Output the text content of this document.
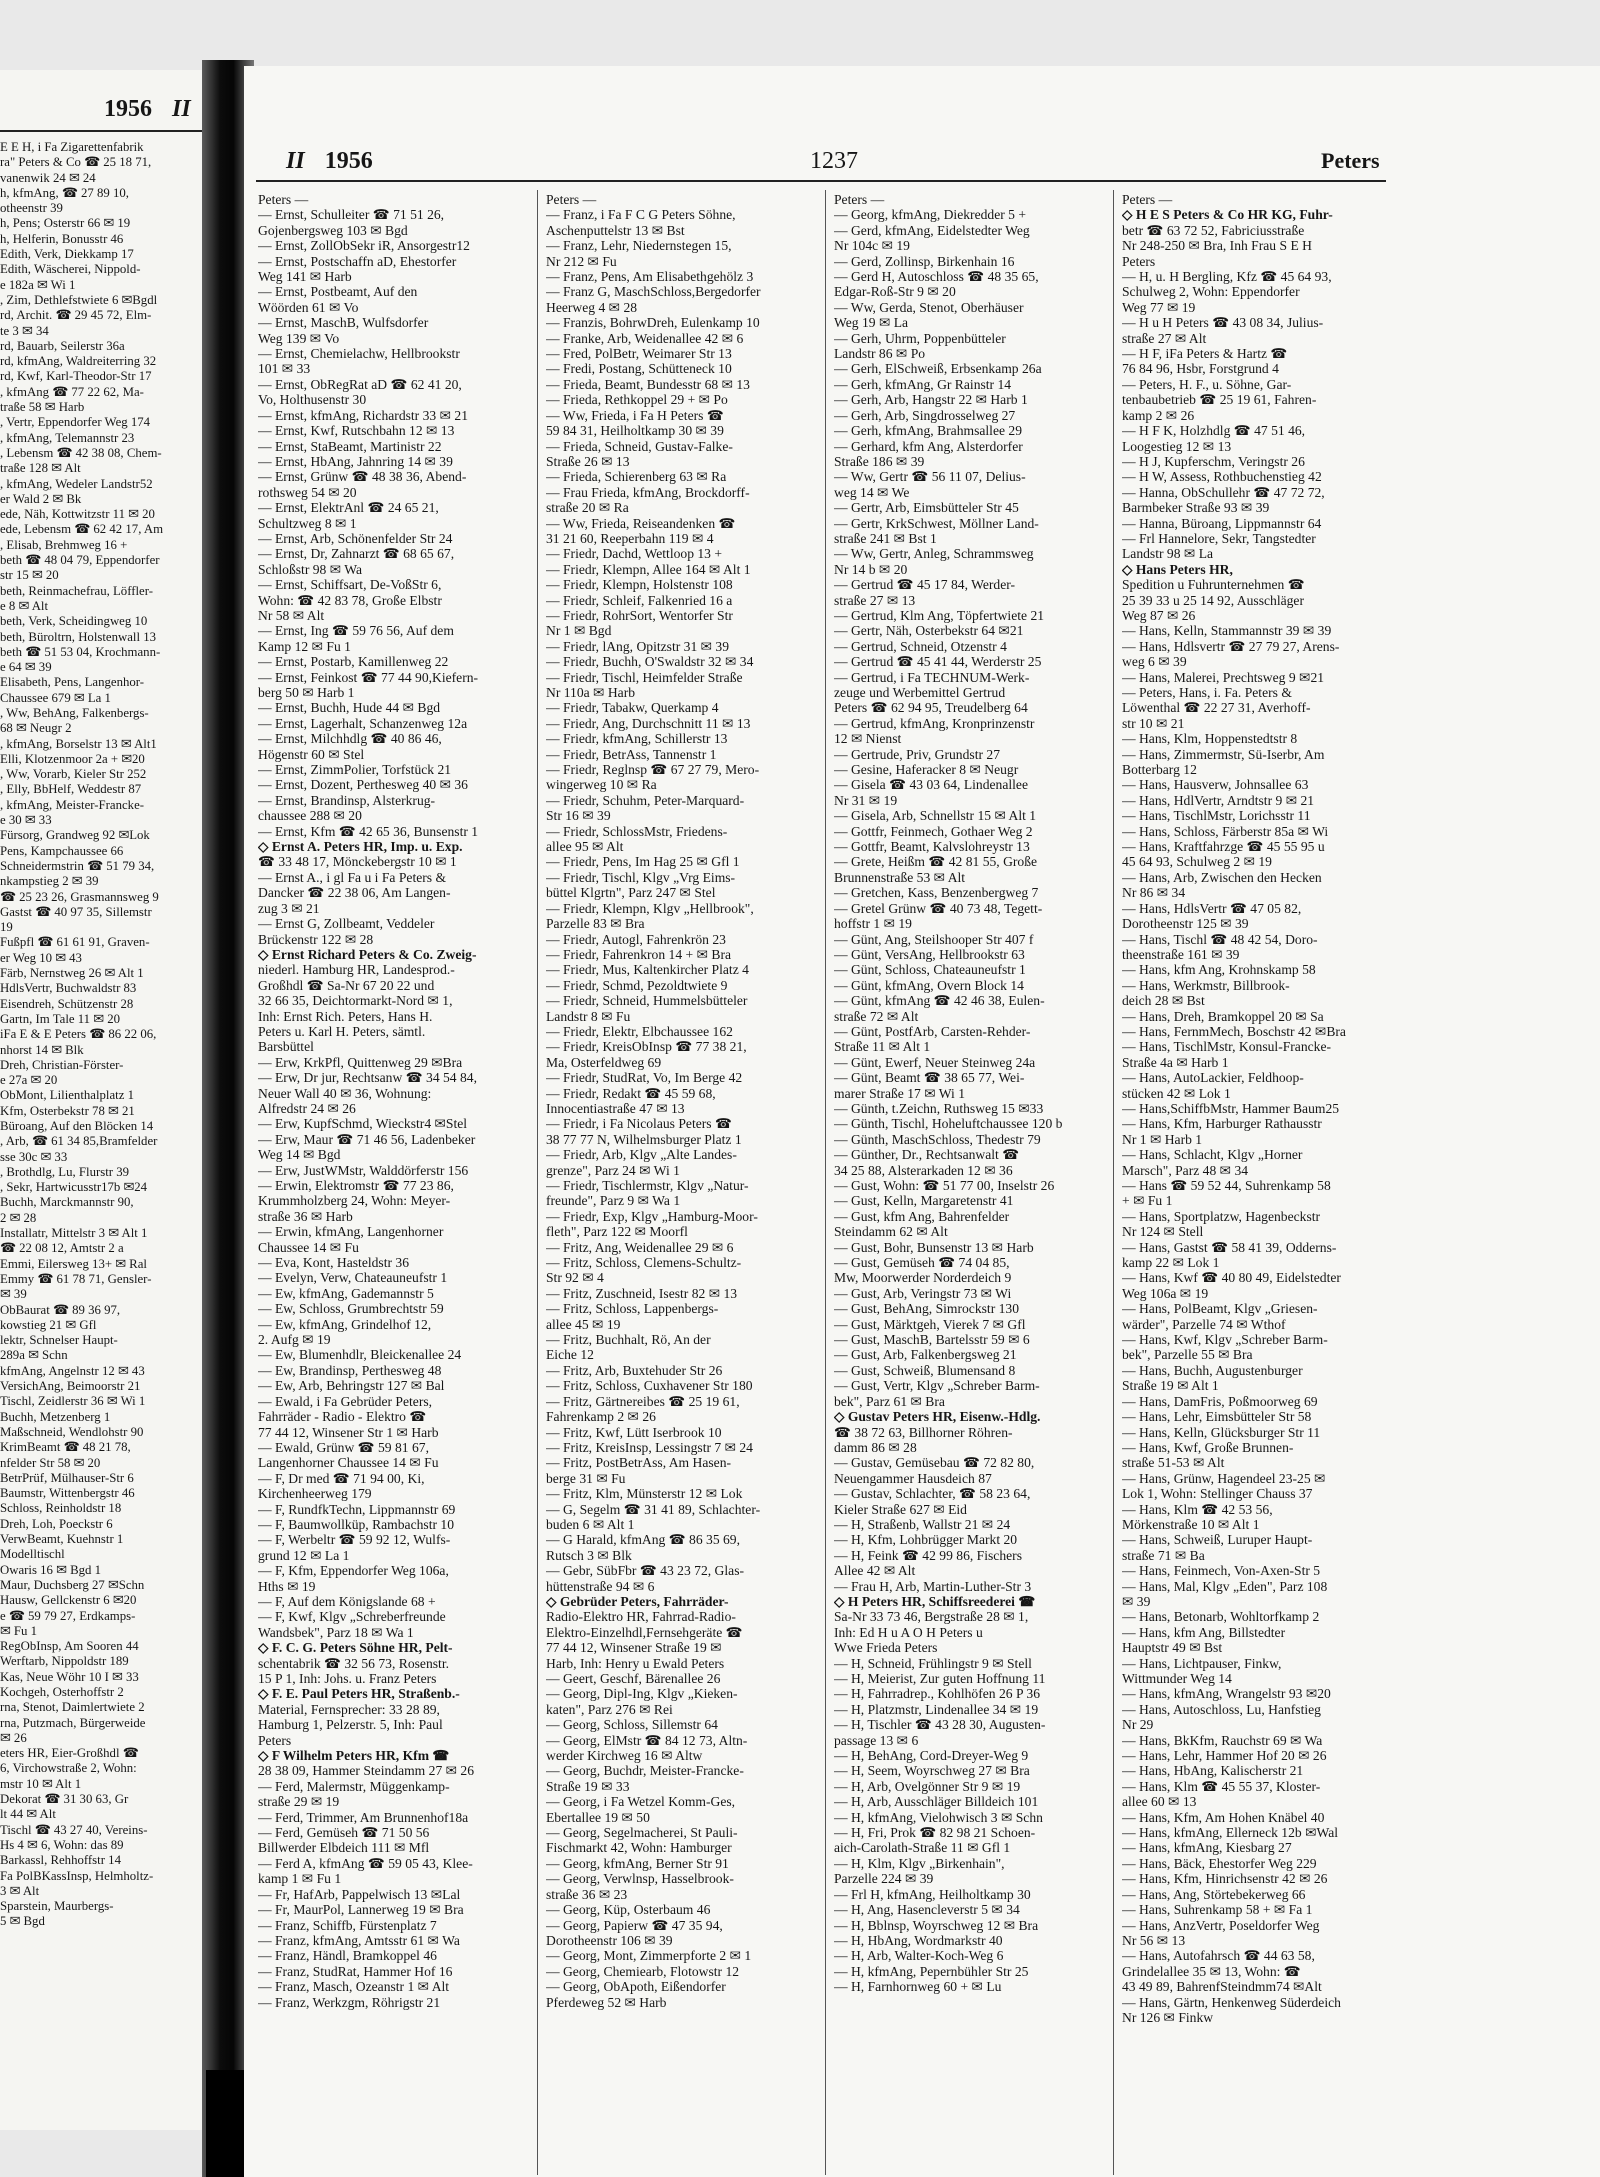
1956 II
E E H, i Fa Zigarettenfabrik
ra" Peters & Co ☎ 25 18 71,
vanenwik 24 ✉ 24
h, kfmAng, ☎ 27 89 10,
otheenstr 39
h, Pens; Osterstr 66 ✉ 19
h, Helferin, Bonusstr 46
Edith, Verk, Diekkamp 17
Edith, Wäscherei, Nippold-
e 182a ✉ Wi 1
, Zim, Dethlefstwiete 6 ✉Bgdl
rd, Archit. ☎ 29 45 72, Elm-
te 3 ✉ 34
rd, Bauarb, Seilerstr 36a
rd, kfmAng, Waldreiterring 32
rd, Kwf, Karl-Theodor-Str 17
, kfmAng ☎ 77 22 62, Ma-
traße 58 ✉ Harb
, Vertr, Eppendorfer Weg 174
, kfmAng, Telemannstr 23
, Lebensm ☎ 42 38 08, Chem-
traße 128 ✉ Alt
, kfmAng, Wedeler Landstr52
er Wald 2 ✉ Bk
ede, Näh, Kottwitzstr 11 ✉ 20
ede, Lebensm ☎ 62 42 17, Am
, Elisab, Brehmweg 16 +
beth ☎ 48 04 79, Eppendorfer
str 15 ✉ 20
beth, Reinmachefrau, Löffler-
e 8 ✉ Alt
beth, Verk, Scheidingweg 10
beth, Büroltrn, Holstenwall 13
beth ☎ 51 53 04, Krochmann-
e 64 ✉ 39
Elisabeth, Pens, Langenhor-
Chaussee 679 ✉ La 1
, Ww, BehAng, Falkenbergs-
68 ✉ Neugr 2
, kfmAng, Borselstr 13 ✉ Alt1
Elli, Klotzenmoor 2a + ✉20
, Ww, Vorarb, Kieler Str 252
, Elly, BbHelf, Weddestr 87
, kfmAng, Meister-Francke-
e 30 ✉ 33
Fürsorg, Grandweg 92 ✉Lok
Pens, Kampchaussee 66
Schneidermstrin ☎ 51 79 34,
nkampstieg 2 ✉ 39
☎ 25 23 26, Grasmannsweg 9
Gastst ☎ 40 97 35, Sillemstr
19
Fußpfl ☎ 61 61 91, Graven-
er Weg 10 ✉ 43
Färb, Nernstweg 26 ✉ Alt 1
HdlsVertr, Buchwaldstr 83
Eisendreh, Schützenstr 28
Gartn, Im Tale 11 ✉ 20
iFa E & E Peters ☎ 86 22 06,
nhorst 14 ✉ Blk
Dreh, Christian-Förster-
e 27a ✉ 20
ObMont, Lilienthalplatz 1
Kfm, Osterbekstr 78 ✉ 21
Büroang, Auf den Blöcken 14
, Arb, ☎ 61 34 85,Bramfelder
sse 30c ✉ 33
, Brothdlg, Lu, Flurstr 39
, Sekr, Hartwicusstr17b ✉24
Buchh, Marckmannstr 90,
2 ✉ 28
Installatr, Mittelstr 3 ✉ Alt 1
☎ 22 08 12, Amtstr 2 a
Emmi, Eilersweg 13+ ✉ Ral
Emmy ☎ 61 78 71, Gensler-
✉ 39
ObBaurat ☎ 89 36 97,
kowstieg 21 ✉ Gfl
lektr, Schnelser Haupt-
289a ✉ Schn
kfmAng, Angelnstr 12 ✉ 43
VersichAng, Beimoorstr 21
Tischl, Zeidlerstr 36 ✉ Wi 1
Buchh, Metzenberg 1
Maßschneid, Wendlohstr 90
KrimBeamt ☎ 48 21 78,
nfelder Str 58 ✉ 20
BetrPrüf, Mülhauser-Str 6
Baumstr, Wittenbergstr 46
Schloss, Reinholdstr 18
Dreh, Loh, Poeckstr 6
VerwBeamt, Kuehnstr 1
Modelltischl
Owaris 16 ✉ Bgd 1
Maur, Duchsberg 27 ✉Schn
Hausw, Gellckenstr 6 ✉20
e ☎ 59 79 27, Erdkamps-
✉ Fu 1
RegObInsp, Am Sooren 44
Werftarb, Nippoldstr 189
Kas, Neue Wöhr 10 I ✉ 33
Kochgeh, Osterhoffstr 2
rna, Stenot, Daimlertwiete 2
rna, Putzmach, Bürgerweide
✉ 26
eters HR, Eier-Großhdl ☎
6, Virchowstraße 2, Wohn:
mstr 10 ✉ Alt 1
Dekorat ☎ 31 30 63, Gr
lt 44 ✉ Alt
Tischl ☎ 43 27 40, Vereins-
Hs 4 ✉ 6, Wohn: das 89
Barkassl, Rehhoffstr 14
Fa PolBKassInsp, Helmholtz-
3 ✉ Alt
Sparstein, Maurbergs-
5 ✉ Bgd
II 1956	1237	Peters
Peters —
— Ernst, Schulleiter ☎ 71 51 26,
Gojenbergsweg 103 ✉ Bgd
— Ernst, ZollObSekr iR, Ansorgestr12
— Ernst, Postschaffn aD, Ehestorfer
Weg 141 ✉ Harb
— Ernst, Postbeamt, Auf den
Wöörden 61 ✉ Vo
— Ernst, MaschB, Wulfsdorfer
Weg 139 ✉ Vo
— Ernst, Chemielachw, Hellbrookstr
101 ✉ 33
— Ernst, ObRegRat aD ☎ 62 41 20,
Vo, Holthusenstr 30
— Ernst, kfmAng, Richardstr 33 ✉ 21
— Ernst, Kwf, Rutschbahn 12 ✉ 13
— Ernst, StaBeamt, Martinistr 22
— Ernst, HbAng, Jahnring 14 ✉ 39
— Ernst, Grünw ☎ 48 38 36, Abend-
rothsweg 54 ✉ 20
— Ernst, ElektrAnl ☎ 24 65 21,
Schultzweg 8 ✉ 1
— Ernst, Arb, Schönenfelder Str 24
— Ernst, Dr, Zahnarzt ☎ 68 65 67,
Schloßstr 98 ✉ Wa
— Ernst, Schiffsart, De-VoßStr 6,
Wohn: ☎ 42 83 78, Große Elbstr
Nr 58 ✉ Alt
— Ernst, Ing ☎ 59 76 56, Auf dem
Kamp 12 ✉ Fu 1
— Ernst, Postarb, Kamillenweg 22
— Ernst, Feinkost ☎ 77 44 90,Kiefern-
berg 50 ✉ Harb 1
— Ernst, Buchh, Hude 44 ✉ Bgd
— Ernst, Lagerhalt, Schanzenweg 12a
— Ernst, Milchhdlg ☎ 40 86 46,
Högenstr 60 ✉ Stel
— Ernst, ZimmPolier, Torfstück 21
— Ernst, Dozent, Perthesweg 40 ✉ 36
— Ernst, Brandinsp, Alsterkrug-
chaussee 288 ✉ 20
— Ernst, Kfm ☎ 42 65 36, Bunsenstr 1
◇ Ernst A. Peters HR, Imp. u. Exp.
☎ 33 48 17, Mönckebergstr 10 ✉ 1
— Ernst A., i gl Fa u i Fa Peters &
Dancker ☎ 22 38 06, Am Langen-
zug 3 ✉ 21
— Ernst G, Zollbeamt, Veddeler
Brückenstr 122 ✉ 28
◇ Ernst Richard Peters & Co. Zweig-
niederl. Hamburg HR, Landesprod.-
Großhdl ☎ Sa-Nr 67 20 22 und
32 66 35, Deichtormarkt-Nord ✉ 1,
Inh: Ernst Rich. Peters, Hans H.
Peters u. Karl H. Peters, sämtl.
Barsbüttel
— Erw, KrkPfl, Quittenweg 29 ✉Bra
— Erw, Dr jur, Rechtsanw ☎ 34 54 84,
Neuer Wall 40 ✉ 36, Wohnung:
Alfredstr 24 ✉ 26
— Erw, KupfSchmd, Wieckstr4 ✉Stel
— Erw, Maur ☎ 71 46 56, Ladenbeker
Weg 14 ✉ Bgd
— Erw, JustWMstr, Walddörferstr 156
— Erwin, Elektromstr ☎ 77 23 86,
Krummholzberg 24, Wohn: Meyer-
straße 36 ✉ Harb
— Erwin, kfmAng, Langenhorner
Chaussee 14 ✉ Fu
— Eva, Kont, Hasteldstr 36
— Evelyn, Verw, Chateauneufstr 1
— Ew, kfmAng, Gademannstr 5
— Ew, Schloss, Grumbrechtstr 59
— Ew, kfmAng, Grindelhof 12,
2. Aufg ✉ 19
— Ew, Blumenhdlr, Bleickenallee 24
— Ew, Brandinsp, Perthesweg 48
— Ew, Arb, Behringstr 127 ✉ Bal
— Ewald, i Fa Gebrüder Peters,
Fahrräder - Radio - Elektro ☎
77 44 12, Winsener Str 1 ✉ Harb
— Ewald, Grünw ☎ 59 81 67,
Langenhorner Chaussee 14 ✉ Fu
— F, Dr med ☎ 71 94 00, Ki,
Kirchenheerweg 179
— F, RundfkTechn, Lippmannstr 69
— F, Baumwollküp, Rambachstr 10
— F, Werbeltr ☎ 59 92 12, Wulfs-
grund 12 ✉ La 1
— F, Kfm, Eppendorfer Weg 106a,
Hths ✉ 19
— F, Auf dem Königslande 68 +
— F, Kwf, Klgv „Schreberfreunde
Wandsbek", Parz 18 ✉ Wa 1
◇ F. C. G. Peters Söhne HR, Pelt-
schentabrik ☎ 32 56 73, Rosenstr.
15 P 1, Inh: Johs. u. Franz Peters
◇ F. E. Paul Peters HR, Straßenb.-
Material, Fernsprecher: 33 28 89,
Hamburg 1, Pelzerstr. 5, Inh: Paul
Peters
◇ F Wilhelm Peters HR, Kfm ☎
28 38 09, Hammer Steindamm 27 ✉ 26
— Ferd, Malermstr, Müggenkamp-
straße 29 ✉ 19
— Ferd, Trimmer, Am Brunnenhof18a
— Ferd, Gemüseh ☎ 71 50 56
Billwerder Elbdeich 111 ✉ Mfl
— Ferd A, kfmAng ☎ 59 05 43, Klee-
kamp 1 ✉ Fu 1
— Fr, HafArb, Pappelwisch 13 ✉Lal
— Fr, MaurPol, Lannerweg 19 ✉ Bra
— Franz, Schiffb, Fürstenplatz 7
— Franz, kfmAng, Amtsstr 61 ✉ Wa
— Franz, Händl, Bramkoppel 46
— Franz, StudRat, Hammer Hof 16
— Franz, Masch, Ozeanstr 1 ✉ Alt
— Franz, Werkzgm, Röhrigstr 21
Peters —
— Franz, i Fa F C G Peters Söhne,
Aschenputtelstr 13 ✉ Bst
— Franz, Lehr, Niedernstegen 15,
Nr 212 ✉ Fu
— Franz, Pens, Am Elisabethgehölz 3
— Franz G, MaschSchloss,Bergedorfer
Heerweg 4 ✉ 28
— Franzis, BohrwDreh, Eulenkamp 10
— Franke, Arb, Weidenallee 42 ✉ 6
— Fred, PolBetr, Weimarer Str 13
— Fredi, Postang, Schütteneck 10
— Frieda, Beamt, Bundesstr 68 ✉ 13
— Frieda, Rethkoppel 29 + ✉ Po
— Ww, Frieda, i Fa H Peters ☎
59 84 31, Heilholtkamp 30 ✉ 39
— Frieda, Schneid, Gustav-Falke-
Straße 26 ✉ 13
— Frieda, Schierenberg 63 ✉ Ra
— Frau Frieda, kfmAng, Brockdorff-
straße 20 ✉ Ra
— Ww, Frieda, Reiseandenken ☎
31 21 60, Reeperbahn 119 ✉ 4
— Friedr, Dachd, Wettloop 13 +
— Friedr, Klempn, Allee 164 ✉ Alt 1
— Friedr, Klempn, Holstenstr 108
— Friedr, Schleif, Falkenried 16 a
— Friedr, RohrSort, Wentorfer Str
Nr 1 ✉ Bgd
— Friedr, lAng, Opitzstr 31 ✉ 39
— Friedr, Buchh, O'Swaldstr 32 ✉ 34
— Friedr, Tischl, Heimfelder Straße
Nr 110a ✉ Harb
— Friedr, Tabakw, Querkamp 4
— Friedr, Ang, Durchschnitt 11 ✉ 13
— Friedr, kfmAng, Schillerstr 13
— Friedr, BetrAss, Tannenstr 1
— Friedr, Reglnsp ☎ 67 27 79, Mero-
wingerweg 10 ✉ Ra
— Friedr, Schuhm, Peter-Marquard-
Str 16 ✉ 39
— Friedr, SchlossMstr, Friedens-
allee 95 ✉ Alt
— Friedr, Pens, Im Hag 25 ✉ Gfl 1
— Friedr, Tischl, Klgv „Vrg Eims-
büttel Klgrtn", Parz 247 ✉ Stel
— Friedr, Klempn, Klgv „Hellbrook",
Parzelle 83 ✉ Bra
— Friedr, Autogl, Fahrenkrön 23
— Friedr, Fahrenkron 14 + ✉ Bra
— Friedr, Mus, Kaltenkircher Platz 4
— Friedr, Schmd, Pezoldtwiete 9
— Friedr, Schneid, Hummelsbütteler
Landstr 8 ✉ Fu
— Friedr, Elektr, Elbchaussee 162
— Friedr, KreisObInsp ☎ 77 38 21,
Ma, Osterfeldweg 69
— Friedr, StudRat, Vo, Im Berge 42
— Friedr, Redakt ☎ 45 59 68,
Innocentiastraße 47 ✉ 13
— Friedr, i Fa Nicolaus Peters ☎
38 77 77 N, Wilhelmsburger Platz 1
— Friedr, Arb, Klgv „Alte Landes-
grenze", Parz 24 ✉ Wi 1
— Friedr, Tischlermstr, Klgv „Natur-
freunde", Parz 9 ✉ Wa 1
— Friedr, Exp, Klgv „Hamburg-Moor-
fleth", Parz 122 ✉ Moorfl
— Fritz, Ang, Weidenallee 29 ✉ 6
— Fritz, Schloss, Clemens-Schultz-
Str 92 ✉ 4
— Fritz, Zuschneid, Isestr 82 ✉ 13
— Fritz, Schloss, Lappenbergs-
allee 45 ✉ 19
— Fritz, Buchhalt, Rö, An der
Eiche 12
— Fritz, Arb, Buxtehuder Str 26
— Fritz, Schloss, Cuxhavener Str 180
— Fritz, Gärtnereibes ☎ 25 19 61,
Fahrenkamp 2 ✉ 26
— Fritz, Kwf, Lütt Iserbrook 10
— Fritz, KreisInsp, Lessingstr 7 ✉ 24
— Fritz, PostBetrAss, Am Hasen-
berge 31 ✉ Fu
— Fritz, Klm, Münsterstr 12 ✉ Lok
— G, Segelm ☎ 31 41 89, Schlachter-
buden 6 ✉ Alt 1
— G Harald, kfmAng ☎ 86 35 69,
Rutsch 3 ✉ Blk
— Gebr, SübFbr ☎ 43 23 72, Glas-
hüttenstraße 94 ✉ 6
◇ Gebrüder Peters, Fahrräder-
Radio-Elektro HR, Fahrrad-Radio-
Elektro-Einzelhdl,Fernsehgeräte ☎
77 44 12, Winsener Straße 19 ✉
Harb, Inh: Henry u Ewald Peters
— Geert, Geschf, Bärenallee 26
— Georg, Dipl-Ing, Klgv „Kieken-
katen", Parz 276 ✉ Rei
— Georg, Schloss, Sillemstr 64
— Georg, ElMstr ☎ 84 12 73, Altn-
werder Kirchweg 16 ✉ Altw
— Georg, Buchdr, Meister-Francke-
Straße 19 ✉ 33
— Georg, i Fa Wetzel Komm-Ges,
Ebertallee 19 ✉ 50
— Georg, Segelmacherei, St Pauli-
Fischmarkt 42, Wohn: Hamburger
— Georg, kfmAng, Berner Str 91
— Georg, Verwlnsp, Hasselbrook-
straße 36 ✉ 23
— Georg, Küp, Osterbaum 46
— Georg, Papierw ☎ 47 35 94,
Dorotheenstr 106 ✉ 39
— Georg, Mont, Zimmerpforte 2 ✉ 1
— Georg, Chemiearb, Flotowstr 12
— Georg, ObApoth, Eißendorfer
Pferdeweg 52 ✉ Harb
Peters —
— Georg, kfmAng, Diekredder 5 +
— Gerd, kfmAng, Eidelstedter Weg
Nr 104c ✉ 19
— Gerd, Zollinsp, Birkenhain 16
— Gerd H, Autoschloss ☎ 48 35 65,
Edgar-Roß-Str 9 ✉ 20
— Ww, Gerda, Stenot, Oberhäuser
Weg 19 ✉ La
— Gerh, Uhrm, Poppenbütteler
Landstr 86 ✉ Po
— Gerh, ElSchweiß, Erbsenkamp 26a
— Gerh, kfmAng, Gr Rainstr 14
— Gerh, Arb, Hangstr 22 ✉ Harb 1
— Gerh, Arb, Singdrosselweg 27
— Gerh, kfmAng, Brahmsallee 29
— Gerhard, kfm Ang, Alsterdorfer
Straße 186 ✉ 39
— Ww, Gertr ☎ 56 11 07, Delius-
weg 14 ✉ We
— Gertr, Arb, Eimsbütteler Str 45
— Gertr, KrkSchwest, Möllner Land-
straße 241 ✉ Bst 1
— Ww, Gertr, Anleg, Schrammsweg
Nr 14 b ✉ 20
— Gertrud ☎ 45 17 84, Werder-
straße 27 ✉ 13
— Gertrud, Klm Ang, Töpfertwiete 21
— Gertr, Näh, Osterbekstr 64 ✉21
— Gertrud, Schneid, Otzenstr 4
— Gertrud ☎ 45 41 44, Werderstr 25
— Gertrud, i Fa TECHNUM-Werk-
zeuge und Werbemittel Gertrud
Peters ☎ 62 94 95, Treudelberg 64
— Gertrud, kfmAng, Kronprinzenstr
12 ✉ Nienst
— Gertrude, Priv, Grundstr 27
— Gesine, Haferacker 8 ✉ Neugr
— Gisela ☎ 43 03 64, Lindenallee
Nr 31 ✉ 19
— Gisela, Arb, Schnellstr 15 ✉ Alt 1
— Gottfr, Feinmech, Gothaer Weg 2
— Gottfr, Beamt, Kalvslohreystr 13
— Grete, Heißm ☎ 42 81 55, Große
Brunnenstraße 53 ✉ Alt
— Gretchen, Kass, Benzenbergweg 7
— Gretel Grünw ☎ 40 73 48, Tegett-
hoffstr 1 ✉ 19
— Günt, Ang, Steilshooper Str 407 f
— Günt, VersAng, Hellbrookstr 63
— Günt, Schloss, Chateauneufstr 1
— Günt, kfmAng, Overn Block 14
— Günt, kfmAng ☎ 42 46 38, Eulen-
straße 72 ✉ Alt
— Günt, PostfArb, Carsten-Rehder-
Straße 11 ✉ Alt 1
— Günt, Ewerf, Neuer Steinweg 24a
— Günt, Beamt ☎ 38 65 77, Wei-
marer Straße 17 ✉ Wi 1
— Günth, t.Zeichn, Ruthsweg 15 ✉33
— Günth, Tischl, Hoheluftchaussee 120 b
— Günth, MaschSchloss, Thedestr 79
— Günther, Dr., Rechtsanwalt ☎
34 25 88, Alsterarkaden 12 ✉ 36
— Gust, Wohn: ☎ 51 77 00, Inselstr 26
— Gust, Kelln, Margaretenstr 41
— Gust, kfm Ang, Bahrenfelder
Steindamm 62 ✉ Alt
— Gust, Bohr, Bunsenstr 13 ✉ Harb
— Gust, Gemüseh ☎ 74 04 85,
Mw, Moorwerder Norderdeich 9
— Gust, Arb, Veringstr 73 ✉ Wi
— Gust, BehAng, Simrockstr 130
— Gust, Märktgeh, Vierek 7 ✉ Gfl
— Gust, MaschB, Bartelsstr 59 ✉ 6
— Gust, Arb, Falkenbergsweg 21
— Gust, Schweiß, Blumensand 8
— Gust, Vertr, Klgv „Schreber Barm-
bek", Parz 61 ✉ Bra
◇ Gustav Peters HR, Eisenw.-Hdlg.
☎ 38 72 63, Billhorner Röhren-
damm 86 ✉ 28
— Gustav, Gemüsebau ☎ 72 82 80,
Neuengammer Hausdeich 87
— Gustav, Schlachter, ☎ 58 23 64,
Kieler Straße 627 ✉ Eid
— H, Straßenb, Wallstr 21 ✉ 24
— H, Kfm, Lohbrügger Markt 20
— H, Feink ☎ 42 99 86, Fischers
Allee 42 ✉ Alt
— Frau H, Arb, Martin-Luther-Str 3
◇ H Peters HR, Schiffsreederei ☎
Sa-Nr 33 73 46, Bergstraße 28 ✉ 1,
Inh: Ed H u A O H Peters u
Wwe Frieda Peters
— H, Schneid, Frühlingstr 9 ✉ Stell
— H, Meierist, Zur guten Hoffnung 11
— H, Fahrradrep., Kohlhöfen 26 P 36
— H, Platzmstr, Lindenallee 34 ✉ 19
— H, Tischler ☎ 43 28 30, Augusten-
passage 13 ✉ 6
— H, BehAng, Cord-Dreyer-Weg 9
— H, Seem, Woyrschweg 27 ✉ Bra
— H, Arb, Ovelgönner Str 9 ✉ 19
— H, Arb, Ausschläger Billdeich 101
— H, kfmAng, Vielohwisch 3 ✉ Schn
— H, Fri, Prok ☎ 82 98 21 Schoen-
aich-Carolath-Straße 11 ✉ Gfl 1
— H, Klm, Klgv „Birkenhain",
Parzelle 224 ✉ 39
— Frl H, kfmAng, Heilholtkamp 30
— H, Ang, Hasencleverstr 5 ✉ 34
— H, Bblnsp, Woyrschweg 12 ✉ Bra
— H, HbAng, Wordmarkstr 40
— H, Arb, Walter-Koch-Weg 6
— H, kfmAng, Pepernbühler Str 25
— H, Farnhornweg 60 + ✉ Lu
Peters —
◇ H E S Peters & Co HR KG, Fuhr-
betr ☎ 63 72 52, Fabriciusstraße
Nr 248-250 ✉ Bra, Inh Frau S E H
Peters
— H, u. H Bergling, Kfz ☎ 45 64 93,
Schulweg 2, Wohn: Eppendorfer
Weg 77 ✉ 19
— H u H Peters ☎ 43 08 34, Julius-
straße 27 ✉ Alt
— H F, iFa Peters & Hartz ☎
76 84 96, Hsbr, Forstgrund 4
— Peters, H. F., u. Söhne, Gar-
tenbaubetrieb ☎ 25 19 61, Fahren-
kamp 2 ✉ 26
— H F K, Holzhdlg ☎ 47 51 46,
Loogestieg 12 ✉ 13
— H J, Kupferschm, Veringstr 26
— H W, Assess, Rothbuchenstieg 42
— Hanna, ObSchullehr ☎ 47 72 72,
Barmbeker Straße 93 ✉ 39
— Hanna, Büroang, Lippmannstr 64
— Frl Hannelore, Sekr, Tangstedter
Landstr 98 ✉ La
◇ Hans Peters HR,
Spedition u Fuhrunternehmen ☎
25 39 33 u 25 14 92, Ausschläger
Weg 87 ✉ 26
— Hans, Kelln, Stammannstr 39 ✉ 39
— Hans, Hdlsvertr ☎ 27 79 27, Arens-
weg 6 ✉ 39
— Hans, Malerei, Prechtsweg 9 ✉21
— Peters, Hans, i. Fa. Peters &
Löwenthal ☎ 22 27 31, Averhoff-
str 10 ✉ 21
— Hans, Klm, Hoppenstedtstr 8
— Hans, Zimmermstr, Sü-Iserbr, Am
Botterbarg 12
— Hans, Hausverw, Johnsallee 63
— Hans, HdlVertr, Arndtstr 9 ✉ 21
— Hans, TischlMstr, Lorichsstr 11
— Hans, Schloss, Färberstr 85a ✉ Wi
— Hans, Kraftfahrzge ☎ 45 55 95 u
45 64 93, Schulweg 2 ✉ 19
— Hans, Arb, Zwischen den Hecken
Nr 86 ✉ 34
— Hans, HdlsVertr ☎ 47 05 82,
Dorotheenstr 125 ✉ 39
— Hans, Tischl ☎ 48 42 54, Doro-
theenstraße 161 ✉ 39
— Hans, kfm Ang, Krohnskamp 58
— Hans, Werkmstr, Billbrook-
deich 28 ✉ Bst
— Hans, Dreh, Bramkoppel 20 ✉ Sa
— Hans, FernmMech, Boschstr 42 ✉Bra
— Hans, TischlMstr, Konsul-Francke-
Straße 4a ✉ Harb 1
— Hans, AutoLackier, Feldhoop-
stücken 42 ✉ Lok 1
— Hans,SchiffbMstr, Hammer Baum25
— Hans, Kfm, Harburger Rathausstr
Nr 1 ✉ Harb 1
— Hans, Schlacht, Klgv „Horner
Marsch", Parz 48 ✉ 34
— Hans ☎ 59 52 44, Suhrenkamp 58
+ ✉ Fu 1
— Hans, Sportplatzw, Hagenbeckstr
Nr 124 ✉ Stell
— Hans, Gastst ☎ 58 41 39, Odderns-
kamp 22 ✉ Lok 1
— Hans, Kwf ☎ 40 80 49, Eidelstedter
Weg 106a ✉ 19
— Hans, PolBeamt, Klgv „Griesen-
wärder", Parzelle 74 ✉ Wthof
— Hans, Kwf, Klgv „Schreber Barm-
bek", Parzelle 55 ✉ Bra
— Hans, Buchh, Augustenburger
Straße 19 ✉ Alt 1
— Hans, DamFris, Poßmoorweg 69
— Hans, Lehr, Eimsbütteler Str 58
— Hans, Kelln, Glücksburger Str 11
— Hans, Kwf, Große Brunnen-
straße 51-53 ✉ Alt
— Hans, Grünw, Hagendeel 23-25 ✉
Lok 1, Wohn: Stellinger Chauss 37
— Hans, Klm ☎ 42 53 56,
Mörkenstraße 10 ✉ Alt 1
— Hans, Schweiß, Luruper Haupt-
straße 71 ✉ Ba
— Hans, Feinmech, Von-Axen-Str 5
— Hans, Mal, Klgv „Eden", Parz 108
✉ 39
— Hans, Betonarb, Wohltorfkamp 2
— Hans, kfm Ang, Billstedter
Hauptstr 49 ✉ Bst
— Hans, Lichtpauser, Finkw,
Wittmunder Weg 14
— Hans, kfmAng, Wrangelstr 93 ✉20
— Hans, Autoschloss, Lu, Hanfstieg
Nr 29
— Hans, BkKfm, Rauchstr 69 ✉ Wa
— Hans, Lehr, Hammer Hof 20 ✉ 26
— Hans, HbAng, Kalischerstr 21
— Hans, Klm ☎ 45 55 37, Kloster-
allee 60 ✉ 13
— Hans, Kfm, Am Hohen Knäbel 40
— Hans, kfmAng, Ellerneck 12b ✉Wal
— Hans, kfmAng, Kiesbarg 27
— Hans, Bäck, Ehestorfer Weg 229
— Hans, Kfm, Hinrichsenstr 42 ✉ 26
— Hans, Ang, Störtebekerweg 66
— Hans, Suhrenkamp 58 + ✉ Fa 1
— Hans, AnzVertr, Poseldorfer Weg
Nr 56 ✉ 13
— Hans, Autofahrsch ☎ 44 63 58,
Grindelallee 35 ✉ 13, Wohn: ☎
43 49 89, BahrenfSteindmm74 ✉Alt
— Hans, Gärtn, Henkenweg Süderdeich
Nr 126 ✉ Finkw
